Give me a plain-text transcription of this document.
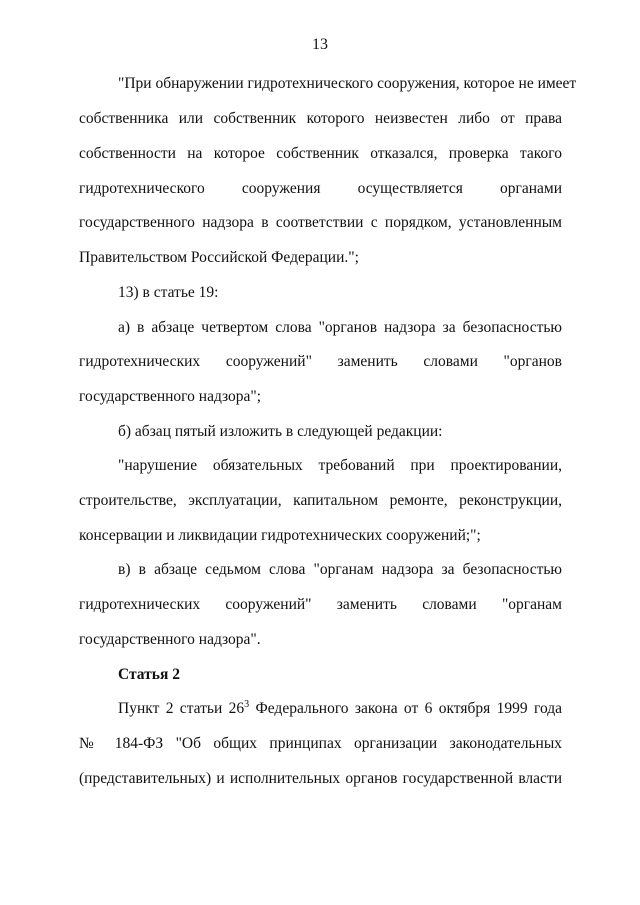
13
"При обнаружении гидротехнического сооружения, которое не имеет
собственника или собственник которого неизвестен либо от права
собственности на которое собственник отказался, проверка такого
гидротехнического сооружения осуществляется органами
государственного надзора в соответствии с порядком, установленным
Правительством Российской Федерации.";
13) в статье 19:
а) в абзаце четвертом слова "органов надзора за безопасностью
гидротехнических сооружений" заменить словами "органов
государственного надзора";
б) абзац пятый изложить в следующей редакции:
"нарушение обязательных требований при проектировании,
строительстве, эксплуатации, капитальном ремонте, реконструкции,
консервации и ликвидации гидротехнических сооружений;";
в) в абзаце седьмом слова "органам надзора за безопасностью
гидротехнических сооружений" заменить словами "органам
государственного надзора".
Статья 2
Пункт 2 статьи $26^3$ Федерального закона от 6 октября 1999 года
№ 184-ФЗ "Об общих принципах организации законодательных
(представительных) и исполнительных органов государственной власти
